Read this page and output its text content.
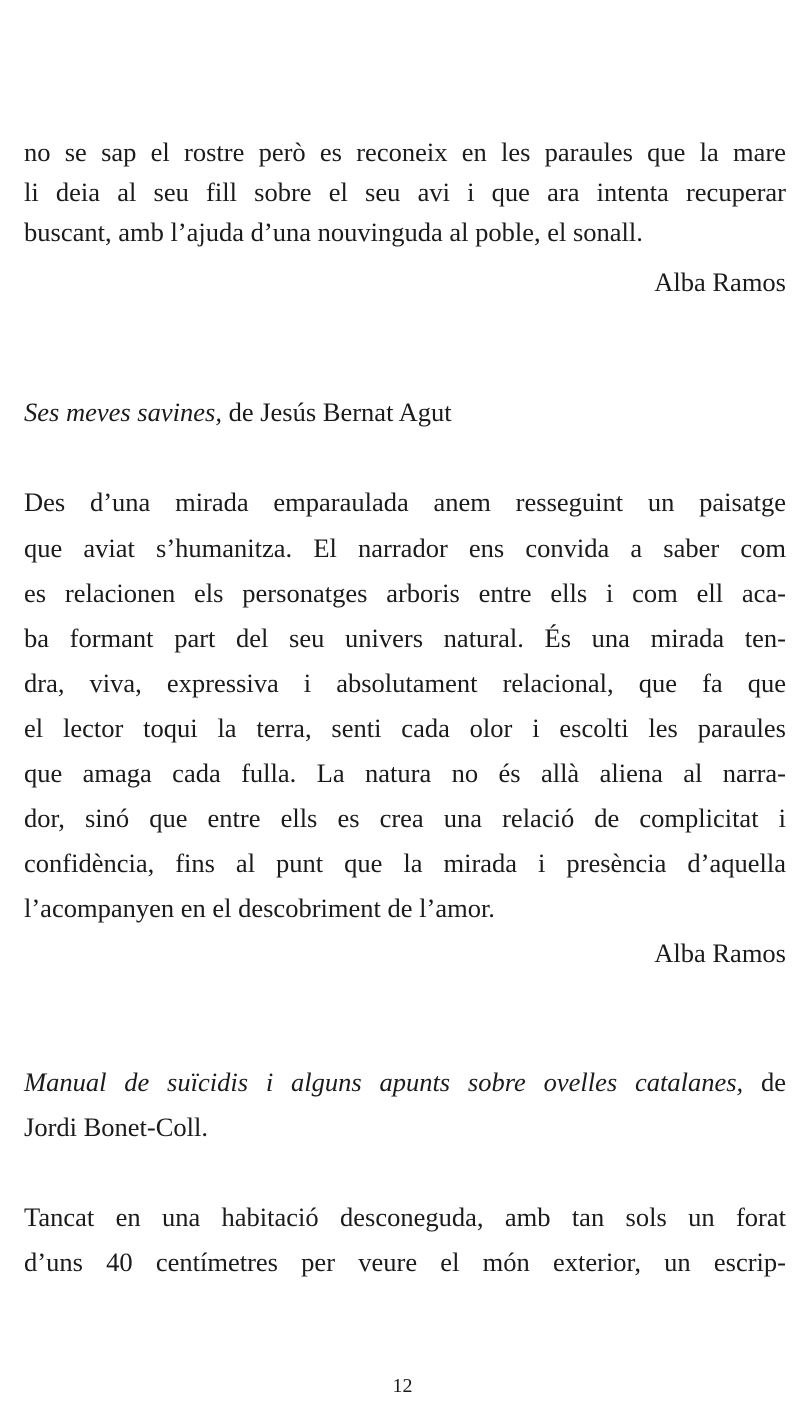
no se sap el rostre però es reconeix en les paraules que la mare
li deia al seu fill sobre el seu avi i que ara intenta recuperar
buscant, amb l’ajuda d’una nouvinguda al poble, el sonall.
Alba Ramos
Ses meves savines, de Jesús Bernat Agut
Des d’una mirada emparaulada anem resseguint un paisatge
que aviat s’humanitza. El narrador ens convida a saber com
es relacionen els personatges arboris entre ells i com ell aca-
ba formant part del seu univers natural. És una mirada ten-
dra, viva, expressiva i absolutament relacional, que fa que
el lector toqui la terra, senti cada olor i escolti les paraules
que amaga cada fulla. La natura no és allà aliena al narra-
dor, sinó que entre ells es crea una relació de complicitat i
confidència, fins al punt que la mirada i presència d’aquella
l’acompanyen en el descobriment de l’amor.
Alba Ramos
Manual de suïcidis i alguns apunts sobre ovelles catalanes, de
Jordi Bonet-Coll.
Tancat en una habitació desconeguda, amb tan sols un forat
d’uns 40 centímetres per veure el món exterior, un escrip-
12
